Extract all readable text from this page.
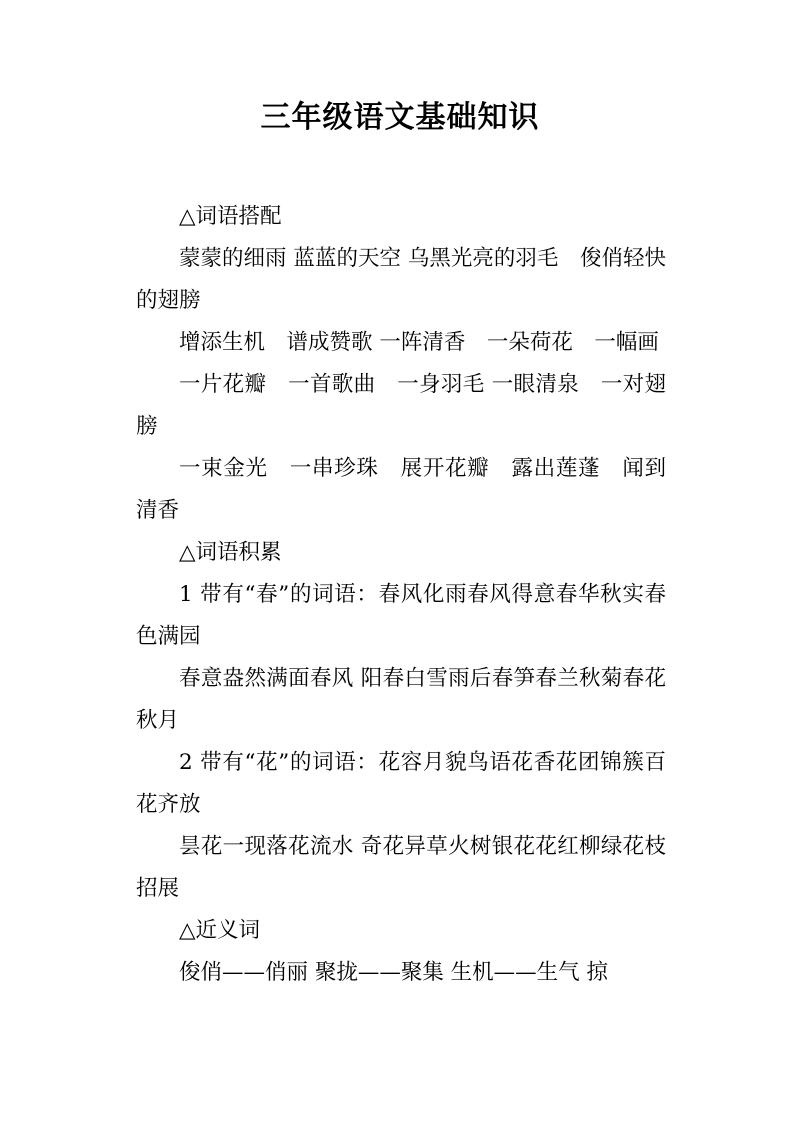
三年级语文基础知识

△词语搭配

蒙蒙的细雨 蓝蓝的天空 乌黑光亮的羽毛　俊俏轻快的翅膀

增添生机　谱成赞歌 一阵清香　一朵荷花　一幅画

一片花瓣　一首歌曲　一身羽毛 一眼清泉　一对翅膀

一束金光　一串珍珠　展开花瓣　露出莲蓬　闻到清香

△词语积累

1 带有“春”的词语：春风化雨春风得意春华秋实春色满园

春意盎然满面春风 阳春白雪雨后春笋春兰秋菊春花秋月

2 带有“花”的词语：花容月貌鸟语花香花团锦簇百花齐放

昙花一现落花流水 奇花异草火树银花花红柳绿花枝招展

△近义词

俊俏——俏丽 聚拢——聚集 生机——生气 掠
